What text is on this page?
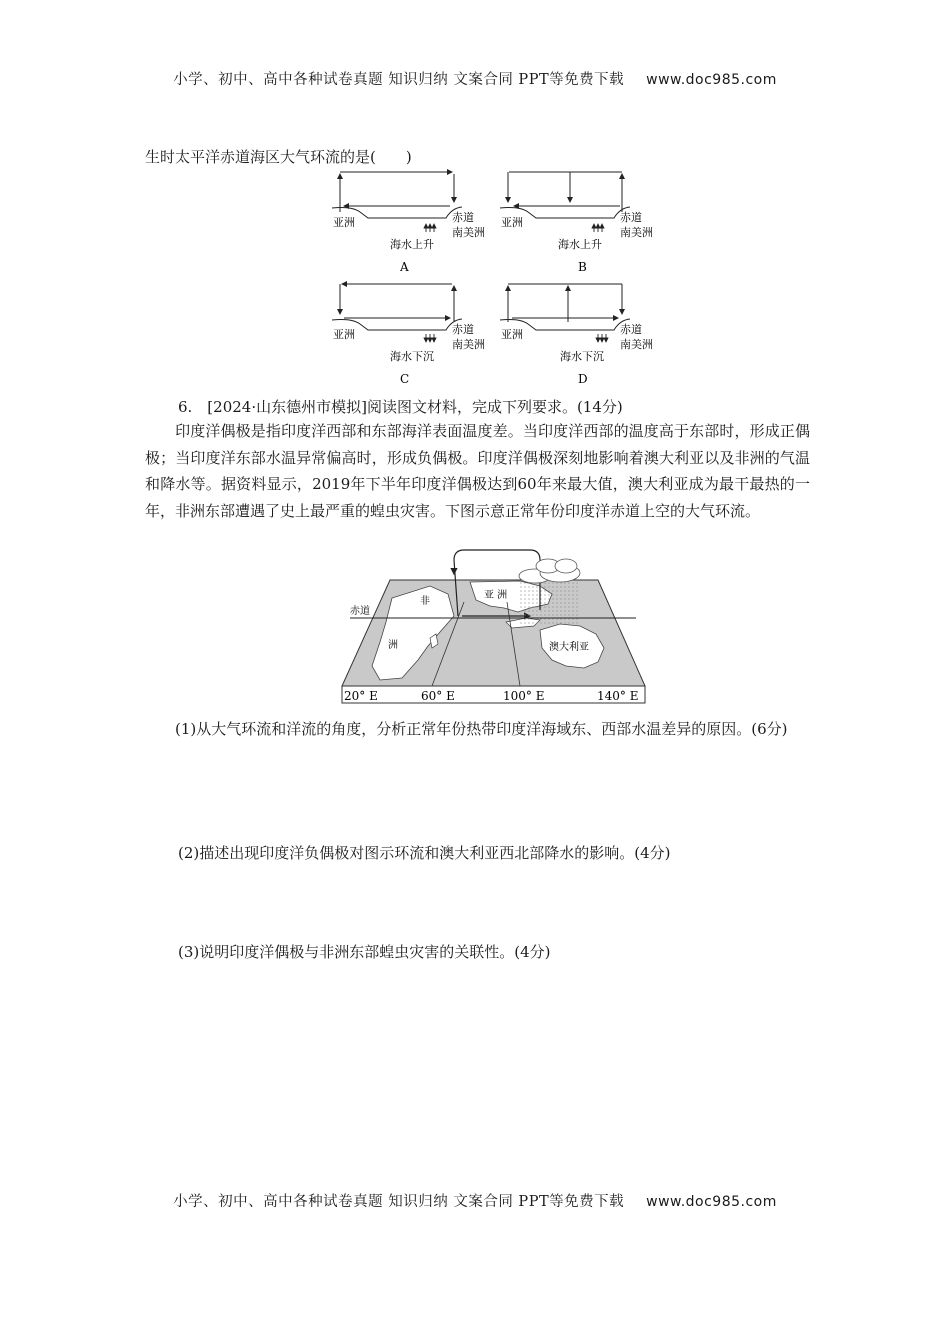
小学、初中、高中各种试卷真题 知识归纳 文案合同 PPT等免费下载 www.doc985.com
生时太平洋赤道海区大气环流的是(　　)
亚洲	赤道
南美洲
海水上升
A
亚洲	赤道
南美洲
海水上升
B
亚洲	赤道
南美洲
海水下沉
C
亚洲	赤道
南美洲
海水下沉
D
6.　[2024·山东德州市模拟]阅读图文材料，完成下列要求。(14分)
印度洋偶极是指印度洋西部和东部海洋表面温度差。当印度洋西部的温度高于东部时，形成正偶极；当印度洋东部水温异常偏高时，形成负偶极。印度洋偶极深刻地影响着澳大利亚以及非洲的气温和降水等。据资料显示，2019年下半年印度洋偶极达到60年来最大值，澳大利亚成为最干最热的一年，非洲东部遭遇了史上最严重的蝗虫灾害。下图示意正常年份印度洋赤道上空的大气环流。
赤道
非
洲
亚 洲
澳大利亚
20° E	60° E	100° E	140° E
(1)从大气环流和洋流的角度，分析正常年份热带印度洋海域东、西部水温差异的原因。(6分)
(2)描述出现印度洋负偶极对图示环流和澳大利亚西北部降水的影响。(4分)
(3)说明印度洋偶极与非洲东部蝗虫灾害的关联性。(4分)
小学、初中、高中各种试卷真题 知识归纳 文案合同 PPT等免费下载 www.doc985.com
